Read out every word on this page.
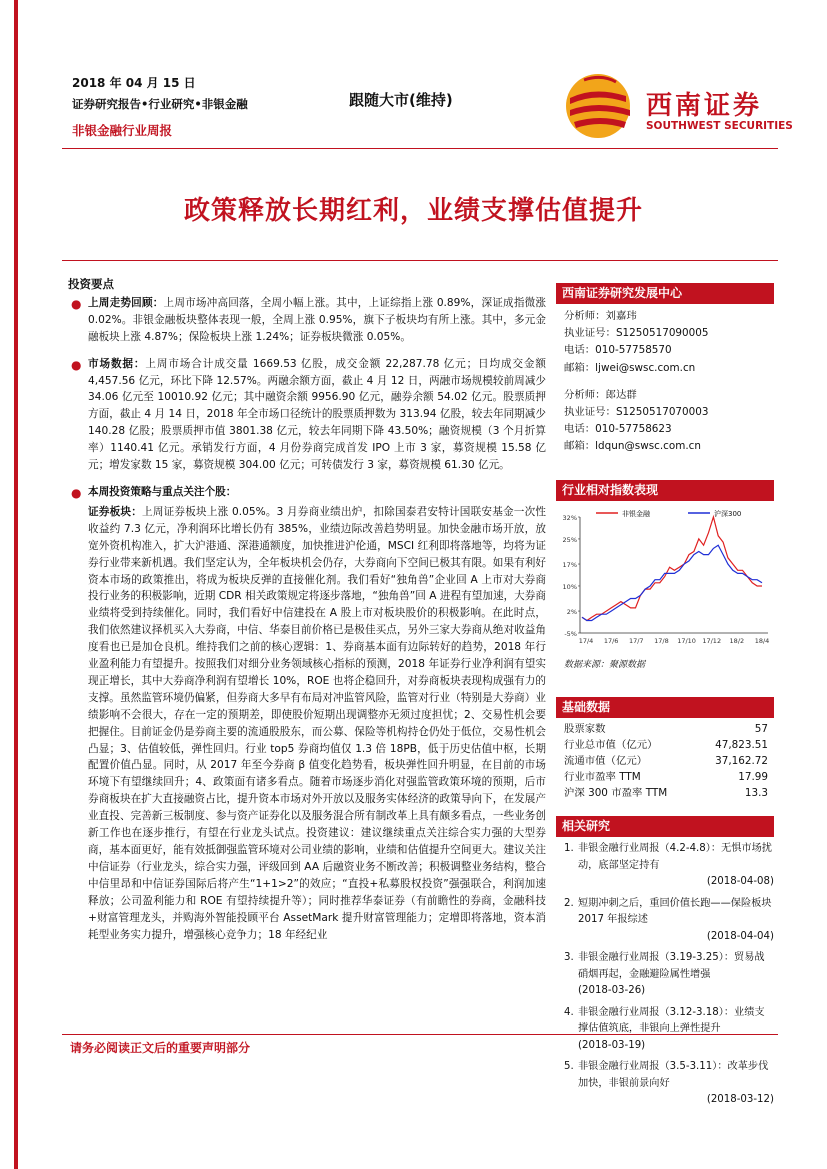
2018 年 04 月 15 日
证券研究报告•行业研究•非银金融
非银金融行业周报
跟随大市(维持)	西南证券
SOUTHWEST SECURITIES
政策释放长期红利，业绩支撑估值提升
投资要点
● 上周走势回顾：上周市场冲高回落，全周小幅上涨。其中，上证综指上涨 0.89%，深证成指微涨 0.02%。非银金融板块整体表现一般，全周上涨 0.95%，旗下子板块均有所上涨。其中，多元金融板块上涨 4.87%；保险板块上涨 1.24%；证券板块微涨 0.05%。

● 市场数据：上周市场合计成交量 1669.53 亿股，成交金额 22,287.78 亿元；日均成交金额 4,457.56 亿元，环比下降 12.57%。两融余额方面，截止 4 月 12 日，两融市场规模较前周减少 34.06 亿元至 10010.92 亿元；其中融资余额 9956.90 亿元，融券余额 54.02 亿元。股票质押方面，截止 4 月 14 日，2018 年全市场口径统计的股票质押数为 313.94 亿股，较去年同期减少 140.28 亿股；股票质押市值 3801.38 亿元，较去年同期下降 43.50%；融资规模（3 个月折算率）1140.41 亿元。承销发行方面，4 月份券商完成首发 IPO 上市 3 家，募资规模 15.58 亿元；增发家数 15 家，募资规模 304.00 亿元；可转债发行 3 家，募资规模 61.30 亿元。

● 本周投资策略与重点关注个股：

证券板块：上周证券板块上涨 0.05%。3 月券商业绩出炉，扣除国泰君安特计国联安基金一次性收益约 7.3 亿元，净利润环比增长仍有 385%，业绩边际改善趋势明显。加快金融市场开放，放宽外资机构准入，扩大沪港通、深港通额度，加快推进沪伦通，MSCI 红利即将落地等，均将为证券行业带来新机遇。我们坚定认为，全年板块机会仍存，大券商向下空间已极其有限。如果有利好资本市场的政策推出，将成为板块反弹的直接催化剂。我们看好“独角兽”企业回 A 上市对大券商投行业务的积极影响，近期 CDR 相关政策规定将逐步落地，“独角兽”回 A 进程有望加速，大券商业绩将受到持续催化。同时，我们看好中信建投在 A 股上市对板块股价的积极影响。在此时点，我们依然建议择机买入大券商，中信、华泰目前价格已是极佳买点，另外三家大券商从绝对收益角度看也已是加仓良机。维持我们之前的核心逻辑：1、券商基本面有边际转好的趋势，2018 年行业盈利能力有望提升。按照我们对细分业务领域核心指标的预测，2018 年证券行业净利润有望实现正增长，其中大券商净利润有望增长 10%，ROE 也将企稳回升，对券商板块表现构成强有力的支撑。虽然监管环境仍偏紧，但券商大多早有布局对冲监管风险，监管对行业（特别是大券商）业绩影响不会很大，存在一定的预期差，即使股价短期出现调整亦无须过度担忧；2、交易性机会要把握住。目前证金仍是券商主要的流通股股东，而公募、保险等机构持仓仍处于低位，交易性机会凸显；3、估值较低，弹性回归。行业 top5 券商均值仅 1.3 倍 18PB，低于历史估值中枢，长期配置价值凸显。同时，从 2017 年至今券商 β 值变化趋势看，板块弹性回升明显，在目前的市场环境下有望继续回升；4、政策面有诸多看点。随着市场逐步消化对强监管政策环境的预期，后市券商板块在扩大直接融资占比，提升资本市场对外开放以及服务实体经济的政策导向下，在发展产业直投、完善新三板制度、参与资产证券化以及服务混合所有制改革上具有颇多看点，一些业务创新工作也在逐步推行，有望在行业龙头试点。投资建议：建议继续重点关注综合实力强的大型券商，基本面更好，能有效抵御强监管环境对公司业绩的影响，业绩和估值提升空间更大。建议关注中信证券（行业龙头，综合实力强，评级回到 AA 后融资业务不断改善；积极调整业务结构，整合中信里昂和中信证券国际后将产生“1+1>2”的效应；“直投+私募股权投资”强强联合，利润加速释放；公司盈利能力和 ROE 有望持续提升等）；同时推荐华泰证券（有前瞻性的券商，金融科技+财富管理龙头，并购海外智能投顾平台 AssetMark 提升财富管理能力；定增即将落地，资本消耗型业务实力提升，增强核心竞争力；18 年经纪业

西南证券研究发展中心
分析师：刘嘉玮
执业证号：S1250517090005
电话：010-57758570
邮箱：ljwei@swsc.com.cn
分析师：郎达群
执业证号：S1250517070003
电话：010-57758623
邮箱：ldqun@swsc.com.cn
行业相对指数表现
32%
25%
17%
10%
2%
-5%
17/4 17/6 17/7 17/8 17/10 17/12 18/2 18/4
非银金融	沪深300
数据来源：聚源数据
基础数据
股票家数	57
行业总市值（亿元）	47,823.51
流通市值（亿元）	37,162.72
行业市盈率 TTM	17.99
沪深 300 市盈率 TTM	13.3
相关研究
1. 非银金融行业周报（4.2-4.8）：无惧市场扰动，底部坚定持有
(2018-04-08)
2. 短期冲刺之后，重回价值长跑——保险板块 2017 年报综述
(2018-04-04)
3. 非银金融行业周报（3.19-3.25）：贸易战硝烟再起，金融避险属性增强
(2018-03-26)
4. 非银金融行业周报（3.12-3.18）：业绩支撑估值筑底，非银向上弹性提升
(2018-03-19)
5. 非银金融行业周报（3.5-3.11）：改革步伐加快，非银前景向好
(2018-03-12)
请务必阅读正文后的重要声明部分
